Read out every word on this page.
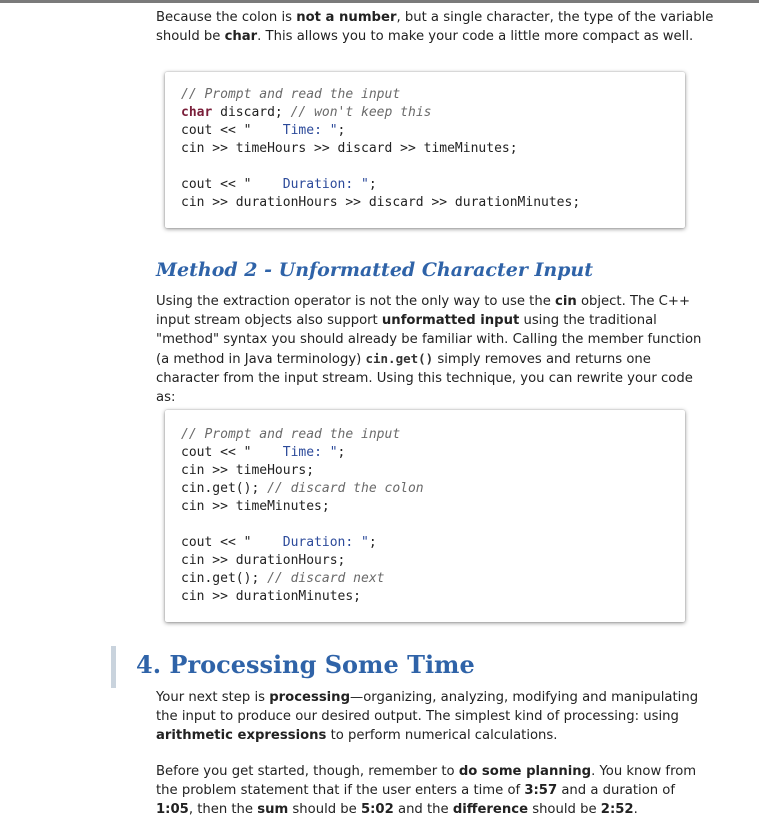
Because the colon is not a number, but a single character, the type of the variable should be char. This allows you to make your code a little more compact as well.
// Prompt and read the input
char discard; // won't keep this
cout << "    Time: ";
cin >> timeHours >> discard >> timeMinutes;

cout << "    Duration: ";
cin >> durationHours >> discard >> durationMinutes;
Method 2 - Unformatted Character Input
Using the extraction operator is not the only way to use the cin object. The C++ input stream objects also support unformatted input using the traditional "method" syntax you should already be familiar with. Calling the member function (a method in Java terminology) cin.get() simply removes and returns one character from the input stream. Using this technique, you can rewrite your code as:
// Prompt and read the input
cout << "    Time: ";
cin >> timeHours;
cin.get(); // discard the colon
cin >> timeMinutes;

cout << "    Duration: ";
cin >> durationHours;
cin.get(); // discard next
cin >> durationMinutes;
4. Processing Some Time
Your next step is processing—organizing, analyzing, modifying and manipulating the input to produce our desired output. The simplest kind of processing: using arithmetic expressions to perform numerical calculations.
Before you get started, though, remember to do some planning. You know from the problem statement that if the user enters a time of 3:57 and a duration of 1:05, then the sum should be 5:02 and the difference should be 2:52.
